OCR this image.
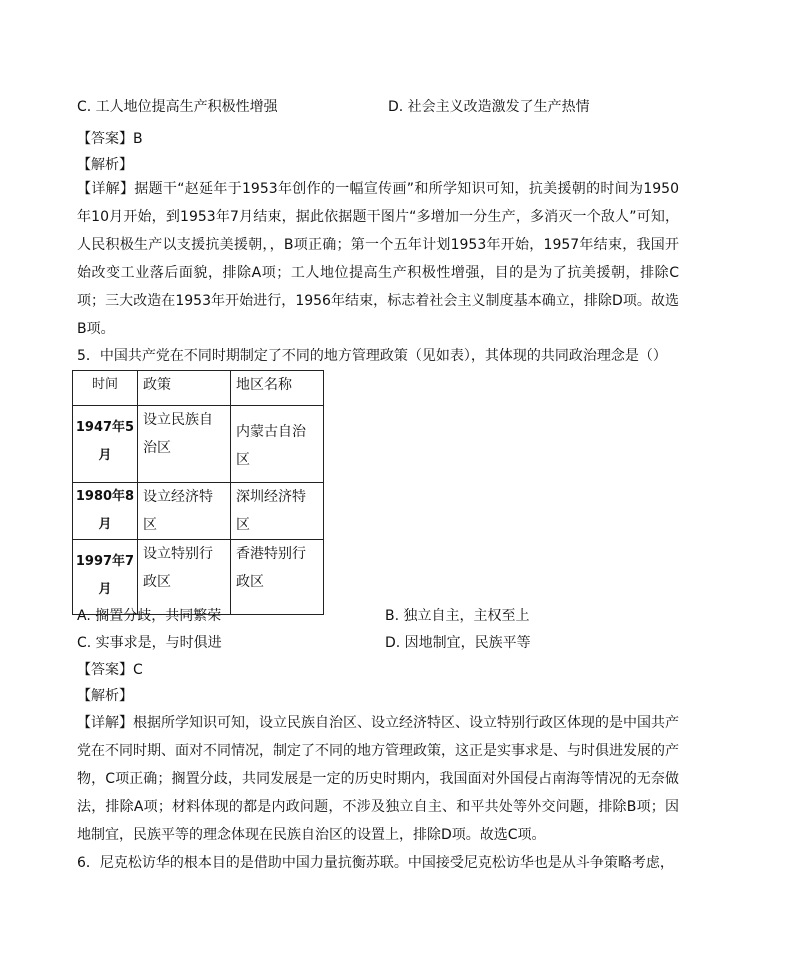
C. 工人地位提高生产积极性增强	D. 社会主义改造激发了生产热情
【答案】B
【解析】
【详解】据题干“赵延年于1953年创作的一幅宣传画”和所学知识可知，抗美援朝的时间为1950年10月开始，到1953年7月结束，据此依据题干图片“多增加一分生产，多消灭一个敌人”可知，人民积极生产以支援抗美援朝，，B项正确；第一个五年计划1953年开始，1957年结束，我国开始改变工业落后面貌，排除A项；工人地位提高生产积极性增强，目的是为了抗美援朝，排除C项；三大改造在1953年开始进行，1956年结束，标志着社会主义制度基本确立，排除D项。故选B项。
5．中国共产党在不同时期制定了不同的地方管理政策（见如表），其体现的共同政治理念是（）
时间	政策	地区名称
1947年5月	设立民族自治区	内蒙古自治区
1980年8月	设立经济特区	深圳经济特区
1997年7月	设立特别行政区	香港特别行政区
A. 搁置分歧，共同繁荣	B. 独立自主，主权至上
C. 实事求是，与时俱进	D. 因地制宜，民族平等
【答案】C
【解析】
【详解】根据所学知识可知，设立民族自治区、设立经济特区、设立特别行政区体现的是中国共产党在不同时期、面对不同情况，制定了不同的地方管理政策，这正是实事求是、与时俱进发展的产物，C项正确；搁置分歧，共同发展是一定的历史时期内，我国面对外国侵占南海等情况的无奈做法，排除A项；材料体现的都是内政问题，不涉及独立自主、和平共处等外交问题，排除B项；因地制宜，民族平等的理念体现在民族自治区的设置上，排除D项。故选C项。
6．尼克松访华的根本目的是借助中国力量抗衡苏联。中国接受尼克松访华也是从斗争策略考虑，
